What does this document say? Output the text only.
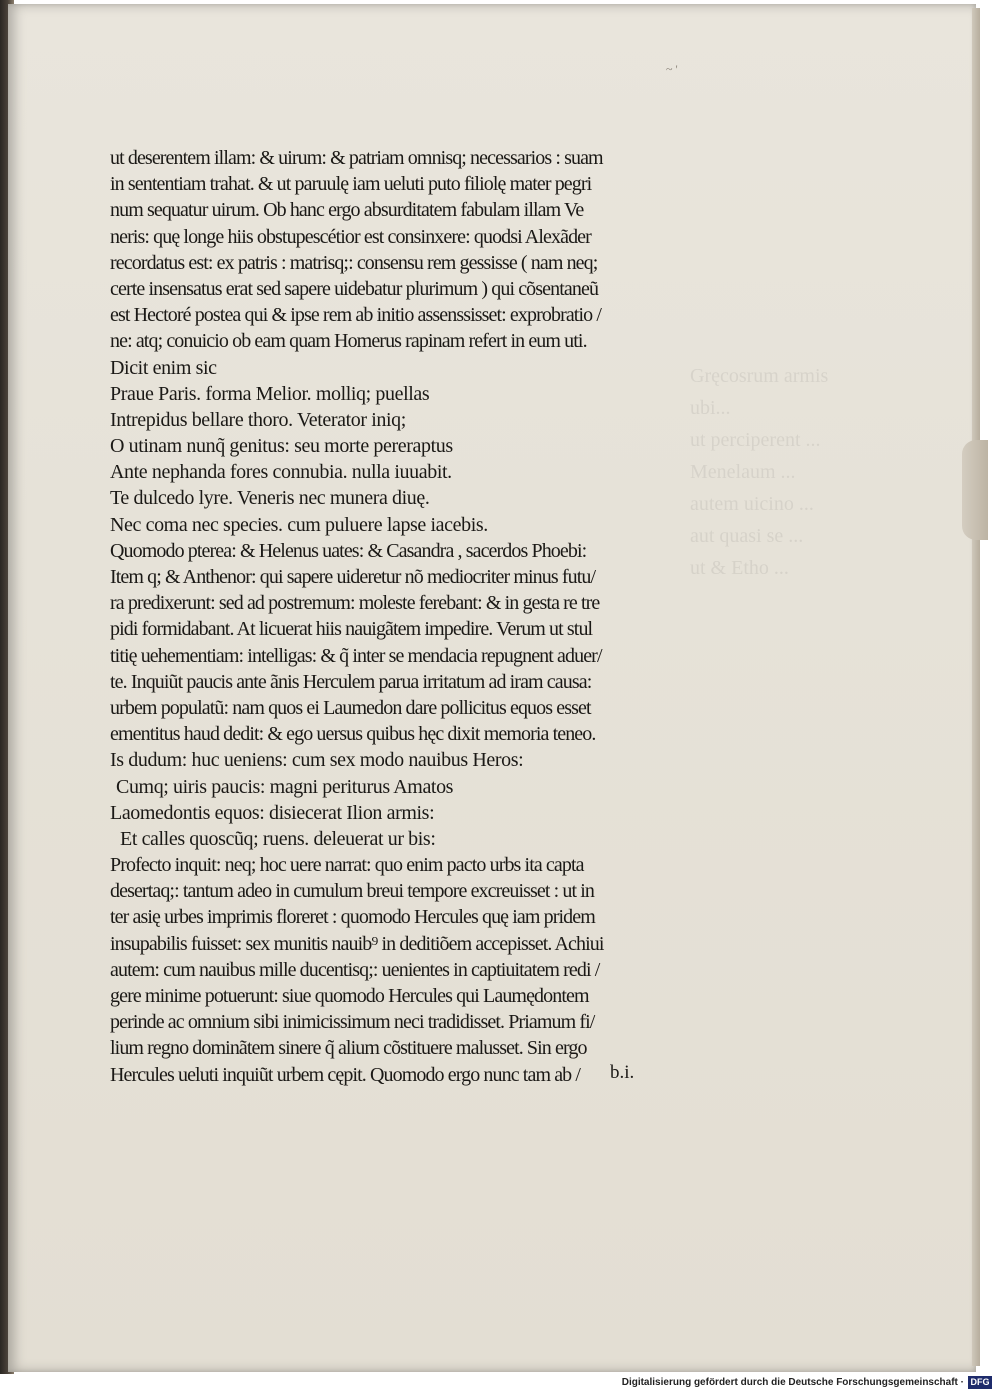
Gręcosrum armis
ubi...
ut perciperent ...
Menelaum ...
autem uicino ...
aut quasi se ...
ut & Etho ...
~ '
ut deserentem illam: & uirum: & patriam omnisq; necessarios : suam
in sententiam trahat. & ut paruulę iam ueluti puto filiolę mater pegri
num sequatur uirum. Ob hanc ergo absurditatem fabulam illam Ve
neris: quę longe hiis obstupescétior est consinxere: quodsi Alexãder
recordatus est: ex patris : matrisq;: consensu rem gessisse ( nam neq;
certe insensatus erat sed sapere uidebatur plurimum ) qui cõsentaneũ
est Hectoré postea qui & ipse rem ab initio assenssisset: exprobratio /
ne: atq; conuicio ob eam quam Homerus rapinam refert in eum uti.
Dicit enim sic
Praue Paris. forma Melior. molliq; puellas
Intrepidus bellare thoro. Veterator iniq;
O utinam nunq̃ genitus: seu morte pereraptus
Ante nephanda fores connubia. nulla iuuabit.
Te dulcedo lyre. Veneris nec munera diuę.
Nec coma nec species. cum puluere lapse iacebis.
Quomodo pterea: & Helenus uates: & Casandra , sacerdos Phoebi:
Item q; & Anthenor: qui sapere uideretur nõ mediocriter minus futu/
ra predixerunt: sed ad postremum: moleste ferebant: & in gesta re tre
pidi formidabant. At licuerat hiis nauigãtem impedire. Verum ut stul
titię uehementiam: intelligas: & q̃ inter se mendacia repugnent aduer/
te. Inquiũt paucis ante ãnis Herculem parua irritatum ad iram causa:
urbem populatũ: nam quos ei Laumedon dare pollicitus equos esset
ementitus haud dedit: & ego uersus quibus hęc dixit memoria teneo.
Is dudum: huc ueniens: cum sex modo nauibus Heros:
Cumq; uiris paucis: magni periturus Amatos
Laomedontis equos: disiecerat Ilion armis:
Et calles quoscũq; ruens. deleuerat ur bis:
Profecto inquit: neq; hoc uere narrat: quo enim pacto urbs ita capta
desertaq;: tantum adeo in cumulum breui tempore excreuisset : ut in
ter asię urbes imprimis floreret : quomodo Hercules quę iam pridem
insupabilis fuisset: sex munitis nauib⁹ in deditiõem accepisset. Achiui
autem: cum nauibus mille ducentisq;: uenientes in captiuitatem redi /
gere minime potuerunt: siue quomodo Hercules qui Laumędontem
perinde ac omnium sibi inimicissimum neci tradidisset. Priamum fi/
lium regno dominãtem sinere q̃ alium cõstituere malusset. Sin ergo
Hercules ueluti inquiũt urbem cępit. Quomodo ergo nunc tam ab /	b.i.
Digitalisierung gefördert durch die Deutsche Forschungsgemeinschaft · DFG
